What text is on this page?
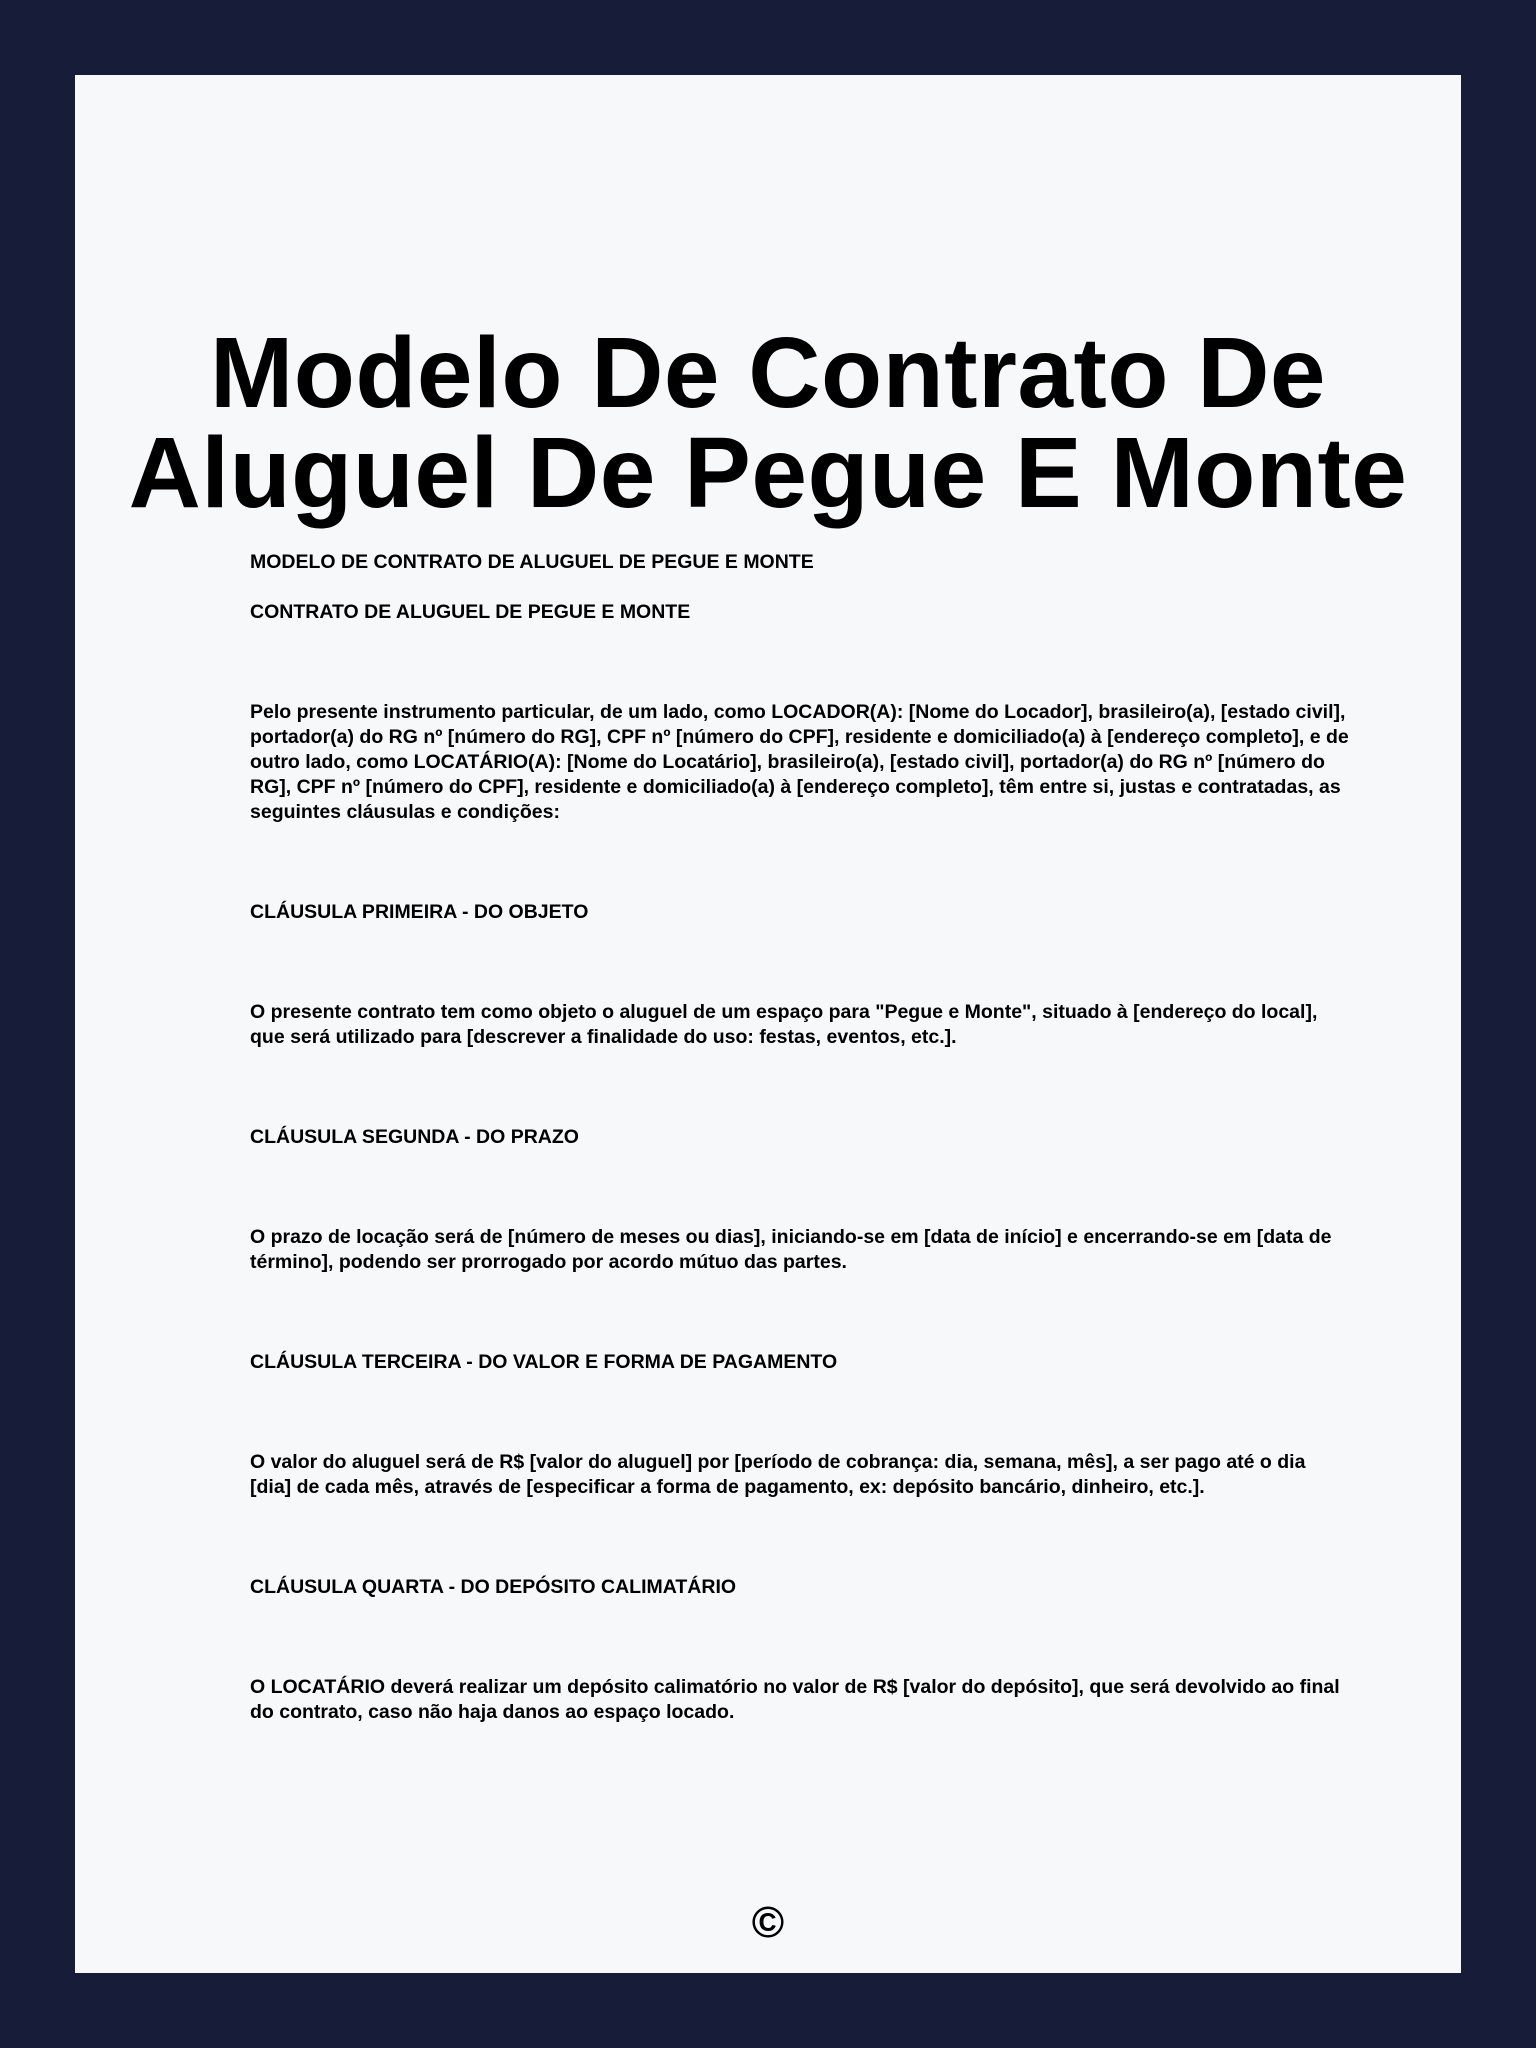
Modelo De Contrato De
Aluguel De Pegue E Monte

MODELO DE CONTRATO DE ALUGUEL DE PEGUE E MONTE

CONTRATO DE ALUGUEL DE PEGUE E MONTE

Pelo presente instrumento particular, de um lado, como LOCADOR(A): [Nome do Locador], brasileiro(a), [estado civil], portador(a) do RG nº [número do RG], CPF nº [número do CPF], residente e domiciliado(a) à [endereço completo], e de outro lado, como LOCATÁRIO(A): [Nome do Locatário], brasileiro(a), [estado civil], portador(a) do RG nº [número do RG], CPF nº [número do CPF], residente e domiciliado(a) à [endereço completo], têm entre si, justas e contratadas, as seguintes cláusulas e condições:

CLÁUSULA PRIMEIRA - DO OBJETO

O presente contrato tem como objeto o aluguel de um espaço para "Pegue e Monte", situado à [endereço do local], que será utilizado para [descrever a finalidade do uso: festas, eventos, etc.].

CLÁUSULA SEGUNDA - DO PRAZO

O prazo de locação será de [número de meses ou dias], iniciando-se em [data de início] e encerrando-se em [data de término], podendo ser prorrogado por acordo mútuo das partes.

CLÁUSULA TERCEIRA - DO VALOR E FORMA DE PAGAMENTO

O valor do aluguel será de R$ [valor do aluguel] por [período de cobrança: dia, semana, mês], a ser pago até o dia [dia] de cada mês, através de [especificar a forma de pagamento, ex: depósito bancário, dinheiro, etc.].

CLÁUSULA QUARTA - DO DEPÓSITO CALIMATÁRIO

O LOCATÁRIO deverá realizar um depósito calimatório no valor de R$ [valor do depósito], que será devolvido ao final do contrato, caso não haja danos ao espaço locado.

©
